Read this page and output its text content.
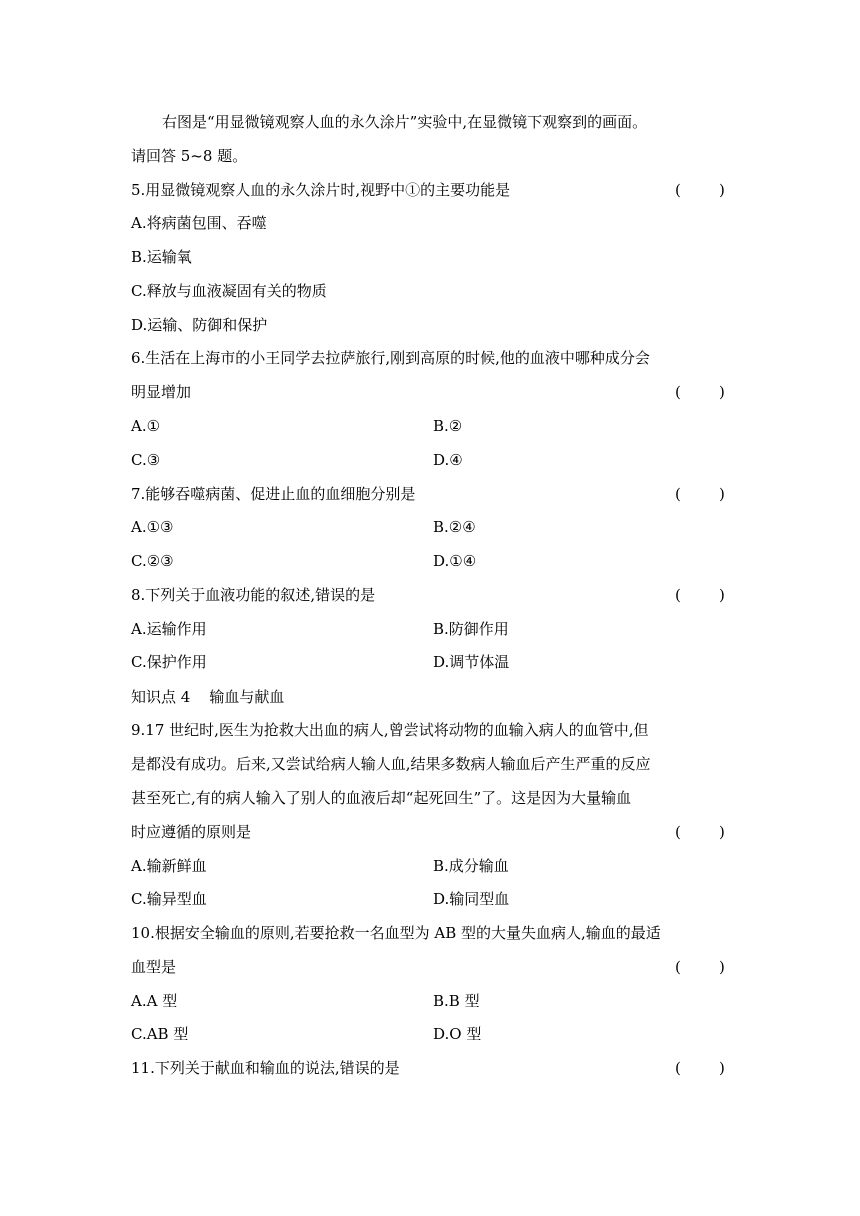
右图是“用显微镜观察人血的永久涂片”实验中,在显微镜下观察到的画面。
请回答 5~8 题。
5.用显微镜观察人血的永久涂片时,视野中①的主要功能是	(        )
A.将病菌包围、吞噬
B.运输氧
C.释放与血液凝固有关的物质
D.运输、防御和保护
6.生活在上海市的小王同学去拉萨旅行,刚到高原的时候,他的血液中哪种成分会
明显增加	(        )
A.①	B.②
C.③	D.④
7.能够吞噬病菌、促进止血的血细胞分别是	(        )
A.①③	B.②④
C.②③	D.①④
8.下列关于血液功能的叙述,错误的是	(        )
A.运输作用	B.防御作用
C.保护作用	D.调节体温
知识点 4    输血与献血
9.17 世纪时,医生为抢救大出血的病人,曾尝试将动物的血输入病人的血管中,但
是都没有成功。后来,又尝试给病人输人血,结果多数病人输血后产生严重的反应
甚至死亡,有的病人输入了别人的血液后却“起死回生”了。这是因为大量输血
时应遵循的原则是	(        )
A.输新鲜血	B.成分输血
C.输异型血	D.输同型血
10.根据安全输血的原则,若要抢救一名血型为 AB 型的大量失血病人,输血的最适
血型是	(        )
A.A 型	B.B 型
C.AB 型	D.O 型
11.下列关于献血和输血的说法,错误的是	(        )
